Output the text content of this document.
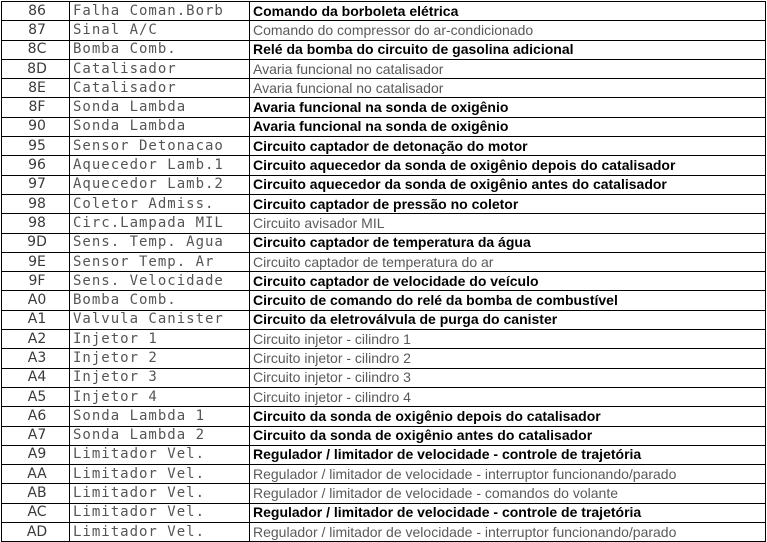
86	Falha Coman.Borb	Comando da borboleta elétrica
87	Sinal A/C	Comando do compressor do ar-condicionado
8C	Bomba Comb.	Relé da bomba do circuito de gasolina adicional
8D	Catalisador	Avaria funcional no catalisador
8E	Catalisador	Avaria funcional no catalisador
8F	Sonda Lambda	Avaria funcional na sonda de oxigênio
90	Sonda Lambda	Avaria funcional na sonda de oxigênio
95	Sensor Detonacao	Circuito captador de detonação do motor
96	Aquecedor Lamb.1	Circuito aquecedor da sonda de oxigênio depois do catalisador
97	Aquecedor Lamb.2	Circuito aquecedor da sonda de oxigênio antes do catalisador
98	Coletor Admiss.	Circuito captador de pressão no coletor
98	Circ.Lampada MIL	Circuito avisador MIL
9D	Sens. Temp. Agua	Circuito captador de temperatura da água
9E	Sensor Temp. Ar	Circuito captador de temperatura do ar
9F	Sens. Velocidade	Circuito captador de velocidade do veículo
A0	Bomba Comb.	Circuito de comando do relé da bomba de combustível
A1	Valvula Canister	Circuito da eletroválvula de purga do canister
A2	Injetor 1	Circuito injetor - cilindro 1
A3	Injetor 2	Circuito injetor - cilindro 2
A4	Injetor 3	Circuito injetor - cilindro 3
A5	Injetor 4	Circuito injetor - cilindro 4
A6	Sonda Lambda 1	Circuito da sonda de oxigênio depois do catalisador
A7	Sonda Lambda 2	Circuito da sonda de oxigênio antes do catalisador
A9	Limitador Vel.	Regulador / limitador de velocidade - controle de trajetória
AA	Limitador Vel.	Regulador / limitador de velocidade - interruptor funcionando/parado
AB	Limitador Vel.	Regulador / limitador de velocidade - comandos do volante
AC	Limitador Vel.	Regulador / limitador de velocidade - controle de trajetória
AD	Limitador Vel.	Regulador / limitador de velocidade - interruptor funcionando/parado
